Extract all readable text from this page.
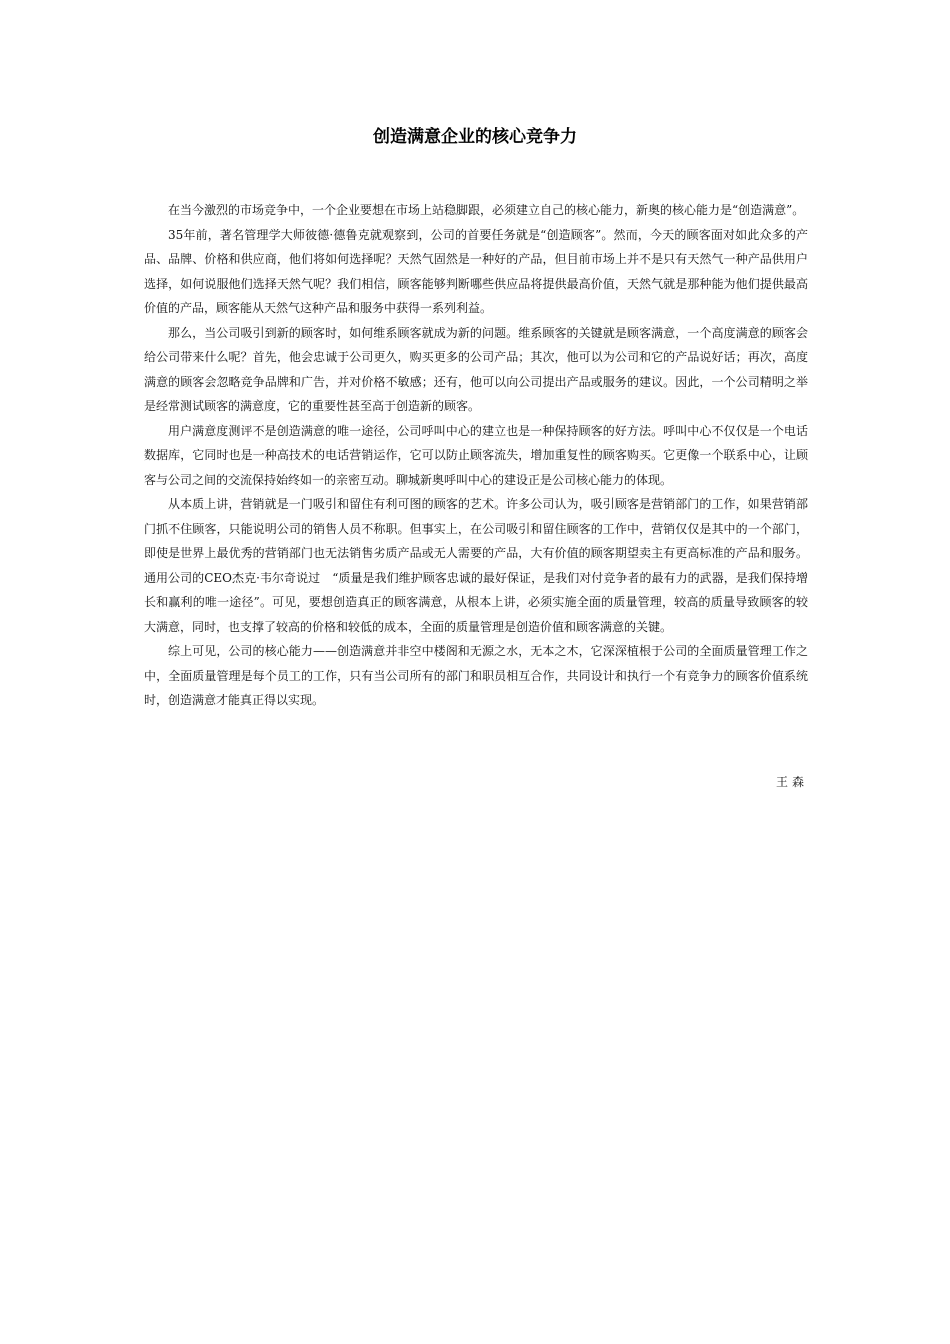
创造满意企业的核心竞争力

在当今激烈的市场竞争中，一个企业要想在市场上站稳脚跟，必须建立自己的核心能力，新奥的核心能力是“创造满意”。

35年前，著名管理学大师彼德·德鲁克就观察到，公司的首要任务就是“创造顾客”。然而，今天的顾客面对如此众多的产品、品牌、价格和供应商，他们将如何选择呢？天然气固然是一种好的产品，但目前市场上并不是只有天然气一种产品供用户选择，如何说服他们选择天然气呢？我们相信，顾客能够判断哪些供应品将提供最高价值，天然气就是那种能为他们提供最高价值的产品，顾客能从天然气这种产品和服务中获得一系列利益。

那么，当公司吸引到新的顾客时，如何维系顾客就成为新的问题。维系顾客的关键就是顾客满意，一个高度满意的顾客会给公司带来什么呢？首先，他会忠诚于公司更久，购买更多的公司产品；其次，他可以为公司和它的产品说好话；再次，高度满意的顾客会忽略竞争品牌和广告，并对价格不敏感；还有，他可以向公司提出产品或服务的建议。因此，一个公司精明之举是经常测试顾客的满意度，它的重要性甚至高于创造新的顾客。

用户满意度测评不是创造满意的唯一途径，公司呼叫中心的建立也是一种保持顾客的好方法。呼叫中心不仅仅是一个电话数据库，它同时也是一种高技术的电话营销运作，它可以防止顾客流失，增加重复性的顾客购买。它更像一个联系中心，让顾客与公司之间的交流保持始终如一的亲密互动。聊城新奥呼叫中心的建设正是公司核心能力的体现。

从本质上讲，营销就是一门吸引和留住有利可图的顾客的艺术。许多公司认为，吸引顾客是营销部门的工作，如果营销部门抓不住顾客，只能说明公司的销售人员不称职。但事实上，在公司吸引和留住顾客的工作中，营销仅仅是其中的一个部门，即使是世界上最优秀的营销部门也无法销售劣质产品或无人需要的产品，大有价值的顾客期望卖主有更高标准的产品和服务。通用公司的CEO杰克·韦尔奇说过　“质量是我们维护顾客忠诚的最好保证，是我们对付竞争者的最有力的武器，是我们保持增长和赢利的唯一途径”。可见，要想创造真正的顾客满意，从根本上讲，必须实施全面的质量管理，较高的质量导致顾客的较大满意，同时，也支撑了较高的价格和较低的成本，全面的质量管理是创造价值和顾客满意的关键。

综上可见，公司的核心能力——创造满意并非空中楼阁和无源之水，无本之木，它深深植根于公司的全面质量管理工作之中，全面质量管理是每个员工的工作，只有当公司所有的部门和职员相互合作，共同设计和执行一个有竞争力的顾客价值系统时，创造满意才能真正得以实现。

王森
